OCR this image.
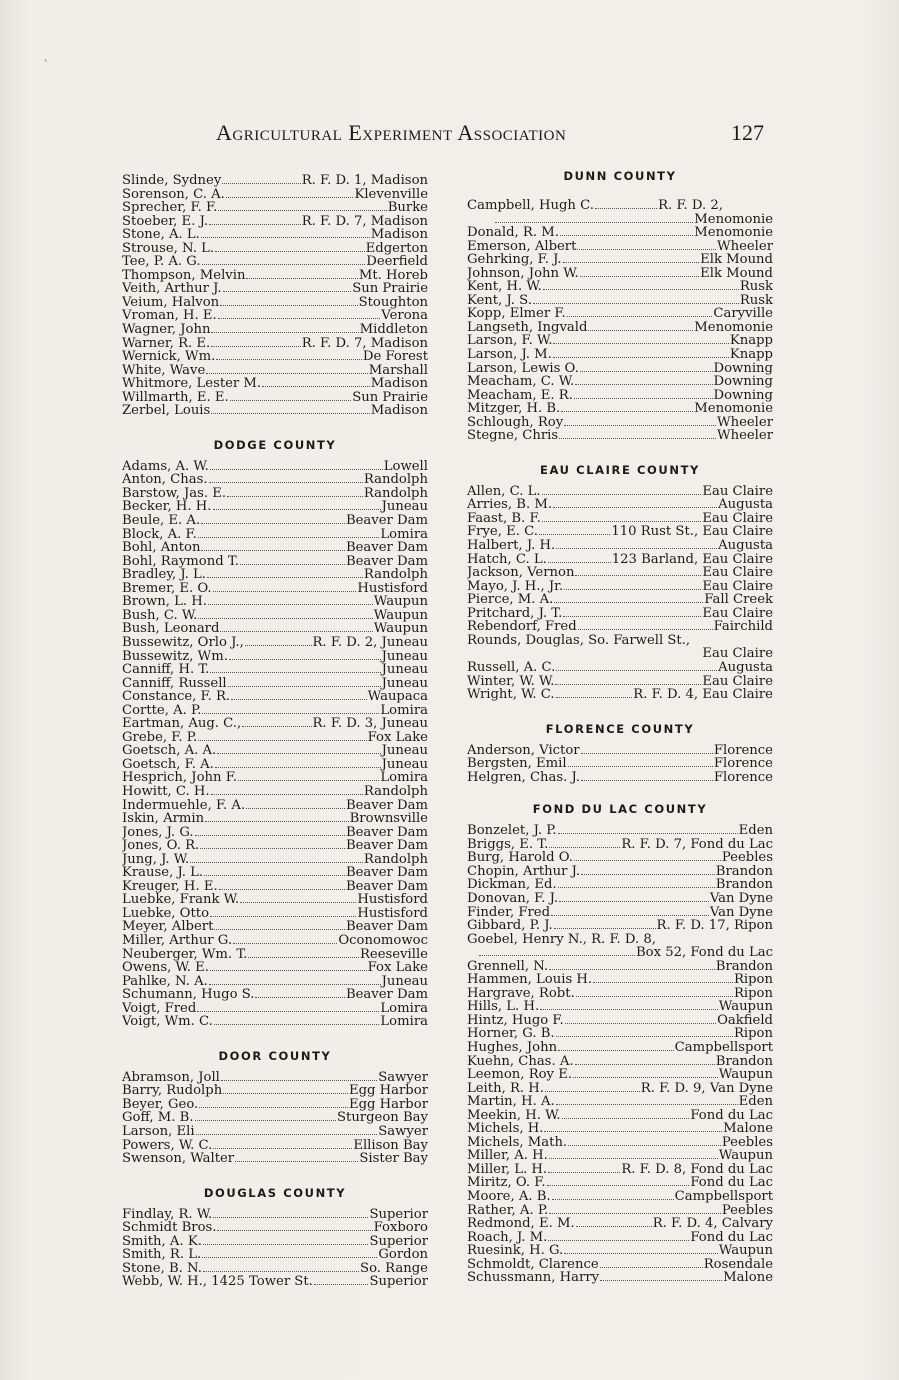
'
Agricultural Experiment Association	127
Slinde, Sydney	R. F. D. 1, Madison
Sorenson, C. A.	Klevenville
Sprecher, F. F.	Burke
Stoeber, E. J.	R. F. D. 7, Madison
Stone, A. L.	Madison
Strouse, N. L.	Edgerton
Tee, P. A. G.	Deerfield
Thompson, Melvin	Mt. Horeb
Veith, Arthur J.	Sun Prairie
Veium, Halvon	Stoughton
Vroman, H. E.	Verona
Wagner, John	Middleton
Warner, R. E.	R. F. D. 7, Madison
Wernick, Wm.	De Forest
White, Wave	Marshall
Whitmore, Lester M.	Madison
Willmarth, E. E.	Sun Prairie
Zerbel, Louis	Madison
DODGE COUNTY
Adams, A. W.	Lowell
Anton, Chas.	Randolph
Barstow, Jas. E.	Randolph
Becker, H. H.	Juneau
Beule, E. A.	Beaver Dam
Block, A. F.	Lomira
Bohl, Anton	Beaver Dam
Bohl, Raymond T.	Beaver Dam
Bradley, J. L.	Randolph
Bremer, E. O.	Hustisford
Brown, L. H.	Waupun
Bush, C. W.	Waupun
Bush, Leonard	Waupun
Bussewitz, Orlo J.,	R. F. D. 2, Juneau
Bussewitz, Wm.	Juneau
Canniff, H. T.	Juneau
Canniff, Russell	Juneau
Constance, F. R.	Waupaca
Cortte, A. P.	Lomira
Eartman, Aug. C.,	R. F. D. 3, Juneau
Grebe, F. P.	Fox Lake
Goetsch, A. A.	Juneau
Goetsch, F. A.	Juneau
Hesprich, John F.	Lomira
Howitt, C. H.	Randolph
Indermuehle, F. A.	Beaver Dam
Iskin, Armin	Brownsville
Jones, J. G.	Beaver Dam
Jones, O. R.	Beaver Dam
Jung, J. W.	Randolph
Krause, J. L.	Beaver Dam
Kreuger, H. E.	Beaver Dam
Luebke, Frank W.	Hustisford
Luebke, Otto	Hustisford
Meyer, Albert	Beaver Dam
Miller, Arthur G.	Oconomowoc
Neuberger, Wm. T.	Reeseville
Owens, W. E.	Fox Lake
Pahlke, N. A.	Juneau
Schumann, Hugo S.	Beaver Dam
Voigt, Fred	Lomira
Voigt, Wm. C.	Lomira
DOOR COUNTY
Abramson, Joll	Sawyer
Barry, Rudolph	Egg Harbor
Beyer, Geo.	Egg Harbor
Goff, M. B.	Sturgeon Bay
Larson, Eli	Sawyer
Powers, W. C.	Ellison Bay
Swenson, Walter	Sister Bay
DOUGLAS COUNTY
Findlay, R. W.	Superior
Schmidt Bros.	Foxboro
Smith, A. K.	Superior
Smith, R. L.	Gordon
Stone, B. N.	So. Range
Webb, W. H., 1425 Tower St.	Superior
DUNN COUNTY
Campbell, Hugh C.	R. F. D. 2,
Menomonie
Donald, R. M.	Menomonie
Emerson, Albert	Wheeler
Gehrking, F. J.	Elk Mound
Johnson, John W.	Elk Mound
Kent, H. W.	Rusk
Kent, J. S.	Rusk
Kopp, Elmer F.	Caryville
Langseth, Ingvald	Menomonie
Larson, F. W.	Knapp
Larson, J. M.	Knapp
Larson, Lewis O.	Downing
Meacham, C. W.	Downing
Meacham, E. R.	Downing
Mitzger, H. B.	Menomonie
Schlough, Roy	Wheeler
Stegne, Chris	Wheeler
EAU CLAIRE COUNTY
Allen, C. L.	Eau Claire
Arries, B. M.	Augusta
Faast, B. F.	Eau Claire
Frye, E. C.	110 Rust St., Eau Claire
Halbert, J. H.	Augusta
Hatch, C. L.	123 Barland, Eau Claire
Jackson, Vernon	Eau Claire
Mayo, J. H., Jr.	Eau Claire
Pierce, M. A.	Fall Creek
Pritchard, J. T.	Eau Claire
Rebendorf, Fred	Fairchild
Rounds, Douglas, So. Farwell St.,
Eau Claire
Russell, A. C.	Augusta
Winter, W. W.	Eau Claire
Wright, W. C.	R. F. D. 4, Eau Claire
FLORENCE COUNTY
Anderson, Victor	Florence
Bergsten, Emil	Florence
Helgren, Chas. J.	Florence
FOND DU LAC COUNTY
Bonzelet, J. P.	Eden
Briggs, E. T.	R. F. D. 7, Fond du Lac
Burg, Harold O.	Peebles
Chopin, Arthur J.	Brandon
Dickman, Ed.	Brandon
Donovan, F. J.	Van Dyne
Finder, Fred	Van Dyne
Gibbard, P. J.	R. F. D. 17, Ripon
Goebel, Henry N., R. F. D. 8,
Box 52, Fond du Lac
Grennell, N.	Brandon
Hammen, Louis H.	Ripon
Hargrave, Robt.	Ripon
Hills, L. H.	Waupun
Hintz, Hugo F.	Oakfield
Horner, G. B.	Ripon
Hughes, John	Campbellsport
Kuehn, Chas. A.	Brandon
Leemon, Roy E.	Waupun
Leith, R. H.	R. F. D. 9, Van Dyne
Martin, H. A.	Eden
Meekin, H. W.	Fond du Lac
Michels, H.	Malone
Michels, Math.	Peebles
Miller, A. H.	Waupun
Miller, L. H.	R. F. D. 8, Fond du Lac
Miritz, O. F.	Fond du Lac
Moore, A. B.	Campbellsport
Rather, A. P.	Peebles
Redmond, E. M.	R. F. D. 4, Calvary
Roach, J. M.	Fond du Lac
Ruesink, H. G.	Waupun
Schmoldt, Clarence	Rosendale
Schussmann, Harry	Malone
